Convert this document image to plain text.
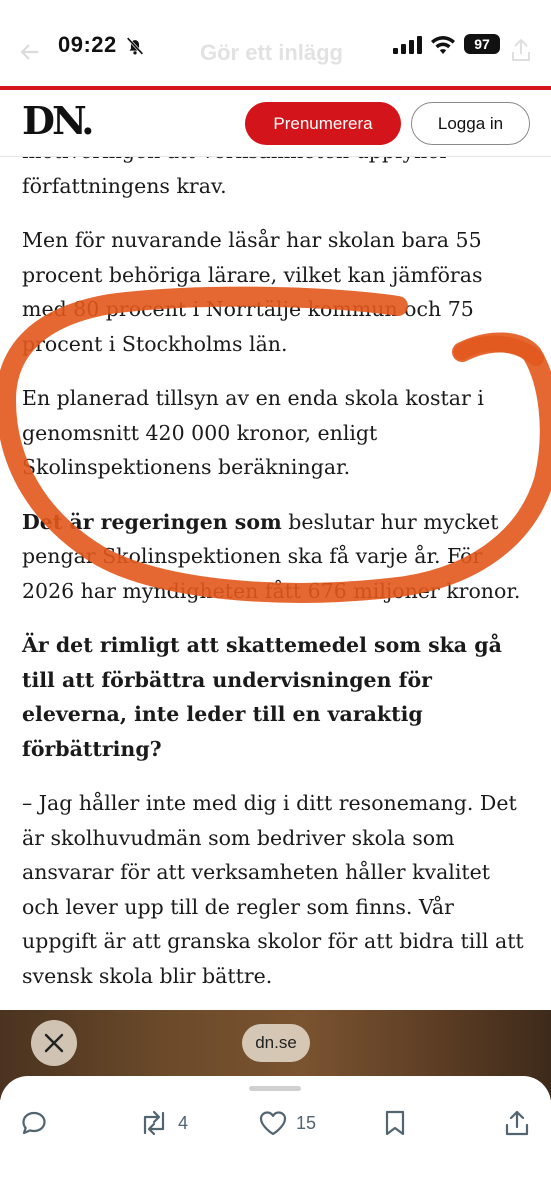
09:22	Gör ett inlägg	97
DN.	Prenumerera	Logga in

författningens krav.

Men för nuvarande läsår har skolan bara 55 procent behöriga lärare, vilket kan jämföras med 80 procent i Norrtälje kommun och 75 procent i Stockholms län.

En planerad tillsyn av en enda skola kostar i genomsnitt 420 000 kronor, enligt Skolinspektionens beräkningar.

Det är regeringen som beslutar hur mycket pengar Skolinspektionen ska få varje år. För 2026 har myndigheten fått 676 miljoner kronor.

Är det rimligt att skattemedel som ska gå till att förbättra undervisningen för eleverna, inte leder till en varaktig förbättring?

– Jag håller inte med dig i ditt resonemang. Det är skolhuvudmän som bedriver skola som ansvarar för att verksamheten håller kvalitet och lever upp till de regler som finns. Vår uppgift är att granska skolor för att bidra till att svensk skola blir bättre.

dn.se
4	15
